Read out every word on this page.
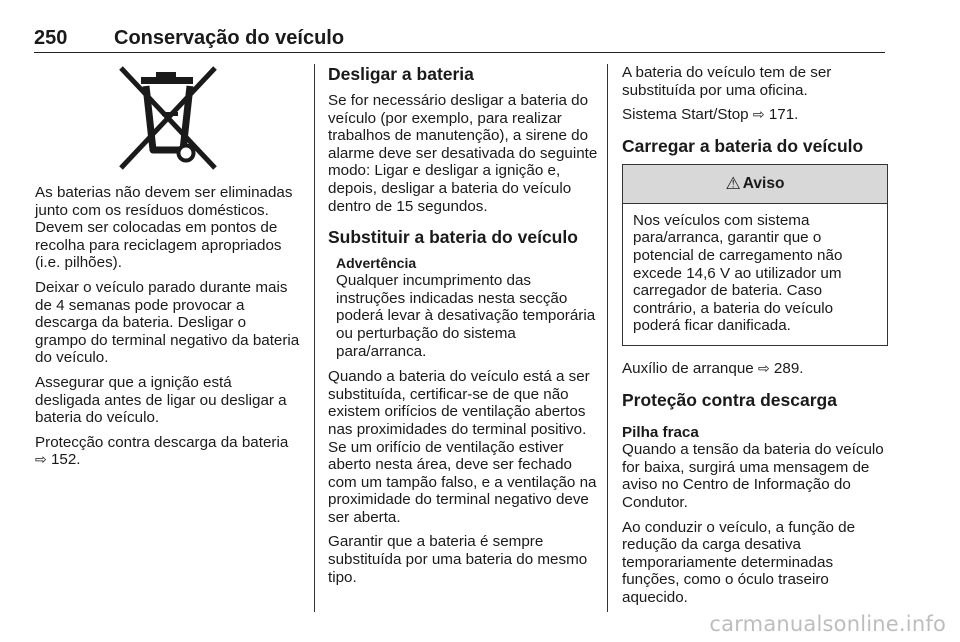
250	Conservação do veículo

As baterias não devem ser eliminadas junto com os resíduos domésticos. Devem ser colocadas em pontos de recolha para reciclagem apropriados (i.e. pilhões).

Deixar o veículo parado durante mais de 4 semanas pode provocar a descarga da bateria. Desligar o grampo do terminal negativo da bateria do veículo.

Assegurar que a ignição está desligada antes de ligar ou desligar a bateria do veículo.

Protecção contra descarga da bateria
⇨ 152.

Desligar a bateria

Se for necessário desligar a bateria do veículo (por exemplo, para realizar trabalhos de manutenção), a sirene do alarme deve ser desativada do seguinte modo: Ligar e desligar a ignição e, depois, desligar a bateria do veículo dentro de 15 segundos.

Substituir a bateria do veículo
Advertência
Qualquer incumprimento das instruções indicadas nesta secção poderá levar à desativação temporária ou perturbação do sistema para/arranca.

Quando a bateria do veículo está a ser substituída, certificar-se de que não existem orifícios de ventilação abertos nas proximidades do terminal positivo. Se um orifício de ventilação estiver aberto nesta área, deve ser fechado com um tampão falso, e a ventilação na proximidade do terminal negativo deve ser aberta.

Garantir que a bateria é sempre substituída por uma bateria do mesmo tipo.

A bateria do veículo tem de ser substituída por uma oficina.

Sistema Start/Stop ⇨ 171.

Carregar a bateria do veículo
⚠ Aviso
Nos veículos com sistema para/arranca, garantir que o potencial de carregamento não excede 14,6 V ao utilizador um carregador de bateria. Caso contrário, a bateria do veículo poderá ficar danificada.

Auxílio de arranque ⇨ 289.

Proteção contra descarga
Pilha fraca

Quando a tensão da bateria do veículo for baixa, surgirá uma mensagem de aviso no Centro de Informação do Condutor.

Ao conduzir o veículo, a função de redução da carga desativa temporariamente determinadas funções, como o óculo traseiro aquecido.

carmanualsonline.info
